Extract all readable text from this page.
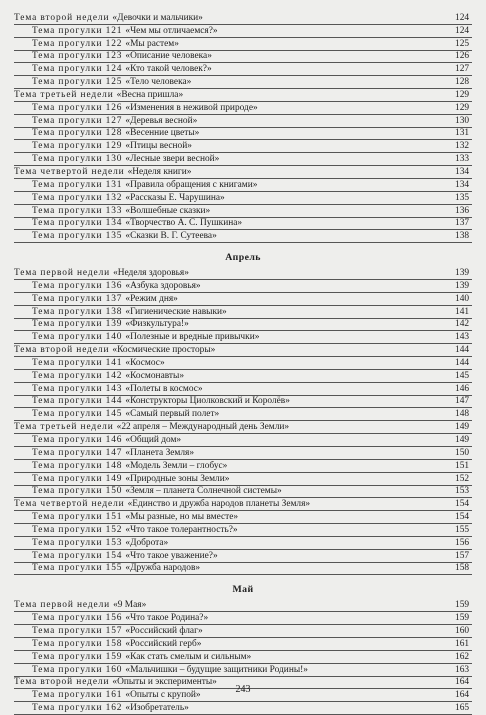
Тема второй недели «Девочки и мальчики»	124
Тема прогулки 121 «Чем мы отличаемся?»	124
Тема прогулки 122 «Мы растем»	125
Тема прогулки 123 «Описание человека»	126
Тема прогулки 124 «Кто такой человек?»	127
Тема прогулки 125 «Тело человека»	128
Тема третьей недели «Весна пришла»	129
Тема прогулки 126 «Изменения в неживой природе»	129
Тема прогулки 127 «Деревья весной»	130
Тема прогулки 128 «Весенние цветы»	131
Тема прогулки 129 «Птицы весной»	132
Тема прогулки 130 «Лесные звери весной»	133
Тема четвертой недели «Неделя книги»	134
Тема прогулки 131 «Правила обращения с книгами»	134
Тема прогулки 132 «Рассказы Е. Чарушина»	135
Тема прогулки 133 «Волшебные сказки»	136
Тема прогулки 134 «Творчество А. С. Пушкина»	137
Тема прогулки 135 «Сказки В. Г. Сутеева»	138
Апрель
Тема первой недели «Неделя здоровья»	139
Тема прогулки 136 «Азбука здоровья»	139
Тема прогулки 137 «Режим дня»	140
Тема прогулки 138 «Гигиенические навыки»	141
Тема прогулки 139 «Физкультура!»	142
Тема прогулки 140 «Полезные и вредные привычки»	143
Тема второй недели «Космические просторы»	144
Тема прогулки 141 «Космос»	144
Тема прогулки 142 «Космонавты»	145
Тема прогулки 143 «Полеты в космос»	146
Тема прогулки 144 «Конструкторы Циолковский и Королёв»	147
Тема прогулки 145 «Самый первый полет»	148
Тема третьей недели «22 апреля – Международный день Земли»	149
Тема прогулки 146 «Общий дом»	149
Тема прогулки 147 «Планета Земля»	150
Тема прогулки 148 «Модель Земли – глобус»	151
Тема прогулки 149 «Природные зоны Земли»	152
Тема прогулки 150 «Земля – планета Солнечной системы»	153
Тема четвертой недели «Единство и дружба народов планеты Земля»	154
Тема прогулки 151 «Мы разные, но мы вместе»	154
Тема прогулки 152 «Что такое толерантность?»	155
Тема прогулки 153 «Доброта»	156
Тема прогулки 154 «Что такое уважение?»	157
Тема прогулки 155 «Дружба народов»	158
Май
Тема первой недели «9 Мая»	159
Тема прогулки 156 «Что такое Родина?»	159
Тема прогулки 157 «Российский флаг»	160
Тема прогулки 158 «Российский герб»	161
Тема прогулки 159 «Как стать смелым и сильным»	162
Тема прогулки 160 «Мальчишки – будущие защитники Родины!»	163
Тема второй недели «Опыты и эксперименты»	164
Тема прогулки 161 «Опыты с крупой»	164
Тема прогулки 162 «Изобретатель»	165
243
